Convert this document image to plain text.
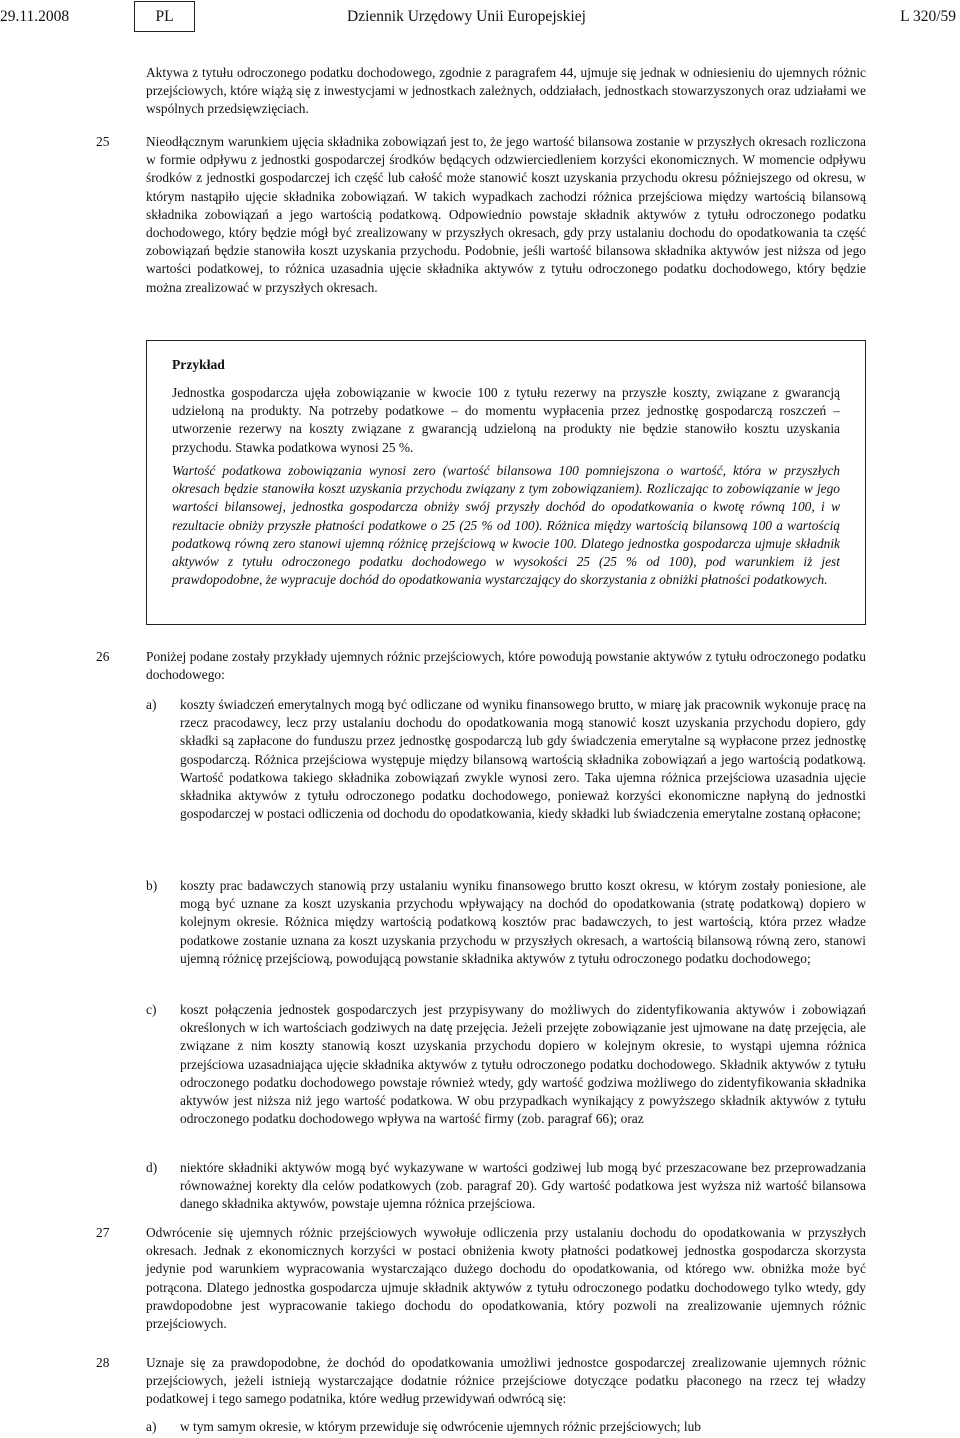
29.11.2008	PL	Dziennik Urzędowy Unii Europejskiej	L 320/59
Aktywa z tytułu odroczonego podatku dochodowego, zgodnie z paragrafem 44, ujmuje się jednak w odniesieniu do ujemnych różnic przejściowych, które wiążą się z inwestycjami w jednostkach zależnych, oddziałach, jednostkach stowarzyszonych oraz udziałami we wspólnych przedsięwzięciach.
25	Nieodłącznym warunkiem ujęcia składnika zobowiązań jest to, że jego wartość bilansowa zostanie w przyszłych okresach rozliczona w formie odpływu z jednostki gospodarczej środków będących odzwierciedleniem korzyści ekonomicznych. W momencie odpływu środków z jednostki gospodarczej ich część lub całość może stanowić koszt uzyskania przychodu okresu późniejszego od okresu, w którym nastąpiło ujęcie składnika zobowiązań. W takich wypadkach zachodzi różnica przejściowa między wartością bilansową składnika zobowiązań a jego wartością podatkową. Odpowiednio powstaje składnik aktywów z tytułu odroczonego podatku dochodowego, który będzie mógł być zrealizowany w przyszłych okresach, gdy przy ustalaniu dochodu do opodatkowania ta część zobowiązań będzie stanowiła koszt uzyskania przychodu. Podobnie, jeśli wartość bilansowa składnika aktywów jest niższa od jego wartości podatkowej, to różnica uzasadnia ujęcie składnika aktywów z tytułu odroczonego podatku dochodowego, który będzie można zrealizować w przyszłych okresach.
Przykład
Jednostka gospodarcza ujęła zobowiązanie w kwocie 100 z tytułu rezerwy na przyszłe koszty, związane z gwarancją udzieloną na produkty. Na potrzeby podatkowe – do momentu wypłacenia przez jednostkę gospodarczą roszczeń – utworzenie rezerwy na koszty związane z gwarancją udzieloną na produkty nie będzie stanowiło kosztu uzyskania przychodu. Stawka podatkowa wynosi 25 %.
Wartość podatkowa zobowiązania wynosi zero (wartość bilansowa 100 pomniejszona o wartość, która w przyszłych okresach będzie stanowiła koszt uzyskania przychodu związany z tym zobowiązaniem). Rozliczając to zobowiązanie w jego wartości bilansowej, jednostka gospodarcza obniży swój przyszły dochód do opodatkowania o kwotę równą 100, i w rezultacie obniży przyszłe płatności podatkowe o 25 (25 % od 100). Różnica między wartością bilansową 100 a wartością podatkową równą zero stanowi ujemną różnicę przejściową w kwocie 100. Dlatego jednostka gospodarcza ujmuje składnik aktywów z tytułu odroczonego podatku dochodowego w wysokości 25 (25 % od 100), pod warunkiem iż jest prawdopodobne, że wypracuje dochód do opodatkowania wystarczający do skorzystania z obniżki płatności podatkowych.
26	Poniżej podane zostały przykłady ujemnych różnic przejściowych, które powodują powstanie aktywów z tytułu odroczonego podatku dochodowego:
a) koszty świadczeń emerytalnych mogą być odliczane od wyniku finansowego brutto, w miarę jak pracownik wykonuje pracę na rzecz pracodawcy, lecz przy ustalaniu dochodu do opodatkowania mogą stanowić koszt uzyskania przychodu dopiero, gdy składki są zapłacone do funduszu przez jednostkę gospodarczą lub gdy świadczenia emerytalne są wypłacone przez jednostkę gospodarczą. Różnica przejściowa występuje między bilansową wartością składnika zobowiązań a jego wartością podatkową. Wartość podatkowa takiego składnika zobowiązań zwykle wynosi zero. Taka ujemna różnica przejściowa uzasadnia ujęcie składnika aktywów z tytułu odroczonego podatku dochodowego, ponieważ korzyści ekonomiczne napłyną do jednostki gospodarczej w postaci odliczenia od dochodu do opodatkowania, kiedy składki lub świadczenia emerytalne zostaną opłacone;
b) koszty prac badawczych stanowią przy ustalaniu wyniku finansowego brutto koszt okresu, w którym zostały poniesione, ale mogą być uznane za koszt uzyskania przychodu wpływający na dochód do opodatkowania (stratę podatkową) dopiero w kolejnym okresie. Różnica między wartością podatkową kosztów prac badawczych, to jest wartością, która przez władze podatkowe zostanie uznana za koszt uzyskania przychodu w przyszłych okresach, a wartością bilansową równą zero, stanowi ujemną różnicę przejściową, powodującą powstanie składnika aktywów z tytułu odroczonego podatku dochodowego;
c) koszt połączenia jednostek gospodarczych jest przypisywany do możliwych do zidentyfikowania aktywów i zobowiązań określonych w ich wartościach godziwych na datę przejęcia. Jeżeli przejęte zobowiązanie jest ujmowane na datę przejęcia, ale związane z nim koszty stanowią koszt uzyskania przychodu dopiero w kolejnym okresie, to wystąpi ujemna różnica przejściowa uzasadniająca ujęcie składnika aktywów z tytułu odroczonego podatku dochodowego. Składnik aktywów z tytułu odroczonego podatku dochodowego powstaje również wtedy, gdy wartość godziwa możliwego do zidentyfikowania składnika aktywów jest niższa niż jego wartość podatkowa. W obu przypadkach wynikający z powyższego składnik aktywów z tytułu odroczonego podatku dochodowego wpływa na wartość firmy (zob. paragraf 66); oraz
d) niektóre składniki aktywów mogą być wykazywane w wartości godziwej lub mogą być przeszacowane bez przeprowadzania równoważnej korekty dla celów podatkowych (zob. paragraf 20). Gdy wartość podatkowa jest wyższa niż wartość bilansowa danego składnika aktywów, powstaje ujemna różnica przejściowa.
27	Odwrócenie się ujemnych różnic przejściowych wywołuje odliczenia przy ustalaniu dochodu do opodatkowania w przyszłych okresach. Jednak z ekonomicznych korzyści w postaci obniżenia kwoty płatności podatkowej jednostka gospodarcza skorzysta jedynie pod warunkiem wypracowania wystarczająco dużego dochodu do opodatkowania, od którego ww. obniżka może być potrącona. Dlatego jednostka gospodarcza ujmuje składnik aktywów z tytułu odroczonego podatku dochodowego tylko wtedy, gdy prawdopodobne jest wypracowanie takiego dochodu do opodatkowania, który pozwoli na zrealizowanie ujemnych różnic przejściowych.
28	Uznaje się za prawdopodobne, że dochód do opodatkowania umożliwi jednostce gospodarczej zrealizowanie ujemnych różnic przejściowych, jeżeli istnieją wystarczające dodatnie różnice przejściowe dotyczące podatku płaconego na rzecz tej władzy podatkowej i tego samego podatnika, które według przewidywań odwrócą się:
a) w tym samym okresie, w którym przewiduje się odwrócenie ujemnych różnic przejściowych; lub
